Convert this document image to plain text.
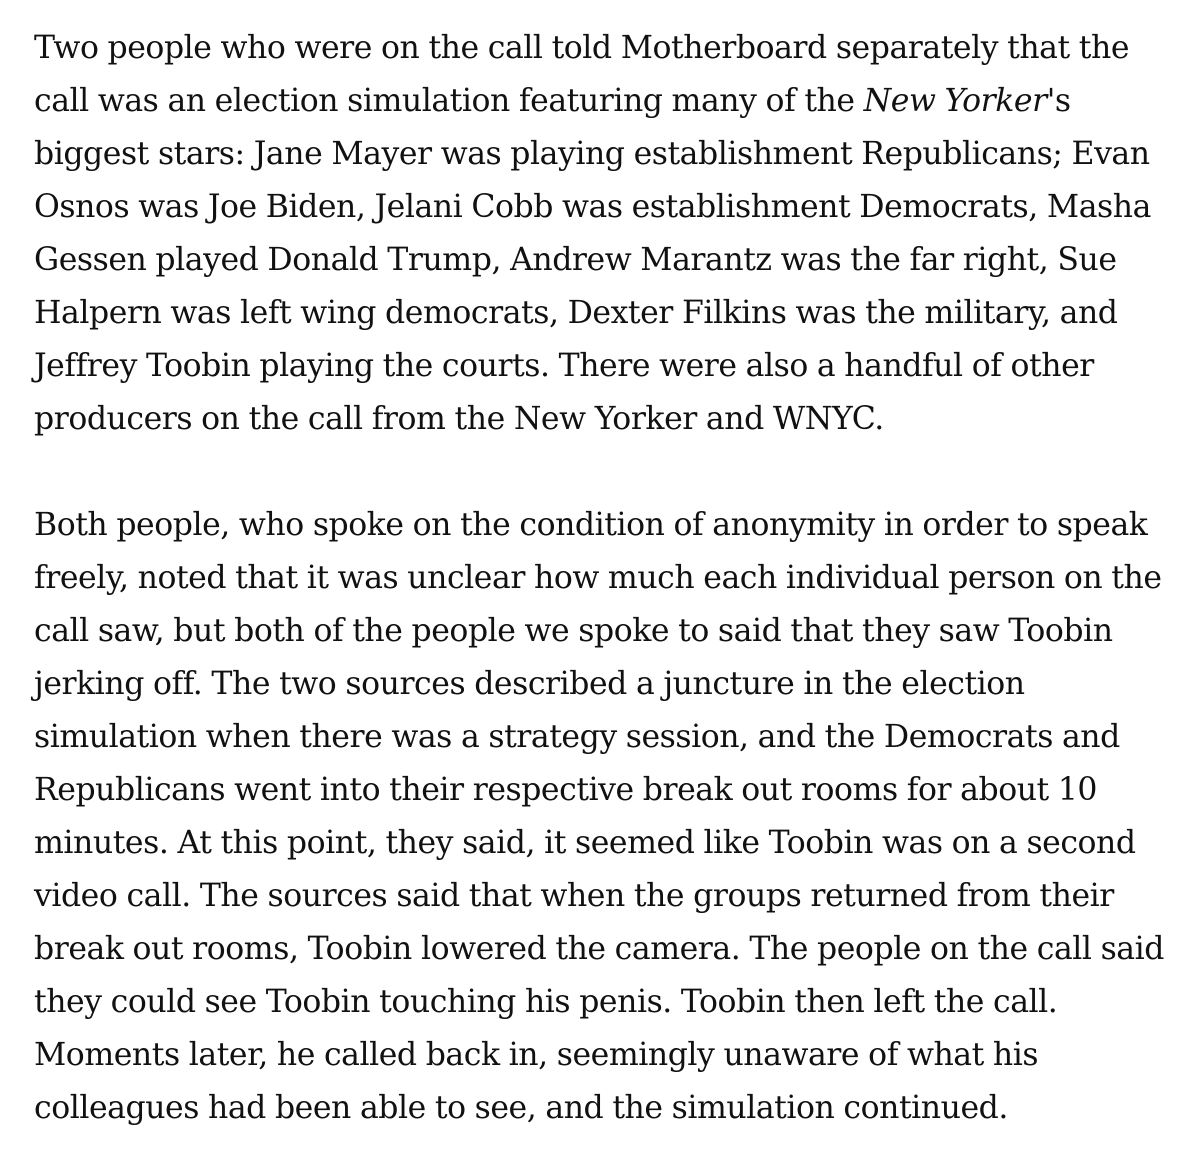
Two people who were on the call told Motherboard separately that the call was an election simulation featuring many of the New Yorker's biggest stars: Jane Mayer was playing establishment Republicans; Evan Osnos was Joe Biden, Jelani Cobb was establishment Democrats, Masha Gessen played Donald Trump, Andrew Marantz was the far right, Sue Halpern was left wing democrats, Dexter Filkins was the military, and Jeffrey Toobin playing the courts. There were also a handful of other producers on the call from the New Yorker and WNYC.

Both people, who spoke on the condition of anonymity in order to speak freely, noted that it was unclear how much each individual person on the call saw, but both of the people we spoke to said that they saw Toobin jerking off. The two sources described a juncture in the election simulation when there was a strategy session, and the Democrats and Republicans went into their respective break out rooms for about 10 minutes. At this point, they said, it seemed like Toobin was on a second video call. The sources said that when the groups returned from their break out rooms, Toobin lowered the camera. The people on the call said they could see Toobin touching his penis. Toobin then left the call. Moments later, he called back in, seemingly unaware of what his colleagues had been able to see, and the simulation continued.
